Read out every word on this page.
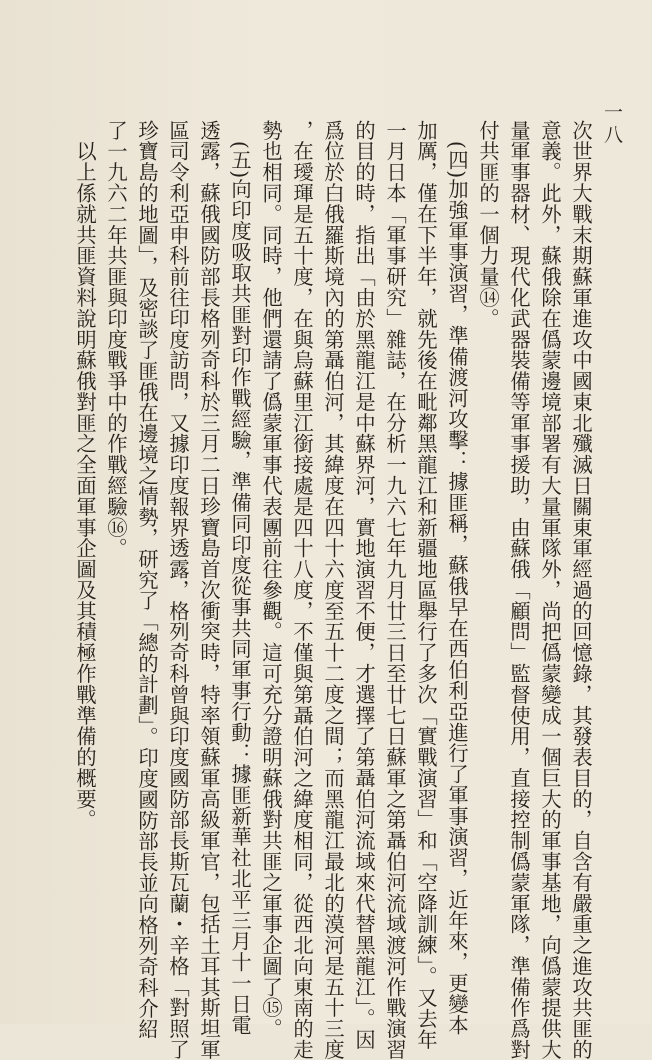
一八

次世界大戰末期蘇軍進攻中國東北殲滅日關東軍經過的回憶錄，其發表目的，自含有嚴重之進攻共匪的

意義。此外，蘇俄除在僞蒙邊境部署有大量軍隊外，尚把僞蒙變成一個巨大的軍事基地，向僞蒙提供大

量軍事器材、現代化武器裝備等軍事援助，由蘇俄「顧問」監督使用，直接控制僞蒙軍隊，準備作爲對

付共匪的一個力量⑭。

　(四)加強軍事演習，準備渡河攻擊：據匪稱，蘇俄早在西伯利亞進行了軍事演習，近年來，更變本

加厲，僅在下半年，就先後在毗鄰黑龍江和新疆地區舉行了多次「實戰演習」和「空降訓練」。又去年

一月日本「軍事研究」雜誌，在分析一九六七年九月廿三日至廿七日蘇軍之第聶伯河流域渡河作戰演習

的目的時，指出「由於黑龍江是中蘇界河，實地演習不便，才選擇了第聶伯河流域來代替黑龍江」。因

爲位於白俄羅斯境內的第聶伯河，其緯度在四十六度至五十二度之間；而黑龍江最北的漠河是五十三度

，在璦琿是五十度，在與烏蘇里江銜接處是四十八度，不僅與第聶伯河之緯度相同，從西北向東南的走

勢也相同。同時，他們還請了僞蒙軍事代表團前往參觀。這可充分證明蘇俄對共匪之軍事企圖了⑮。

　(五)向印度吸取共匪對印作戰經驗，準備同印度從事共同軍事行動：據匪新華社北平三月十一日電

透露，蘇俄國防部長格列奇科於三月二日珍寶島首次衝突時，特率領蘇軍高級軍官，包括土耳其斯坦軍

區司令利亞申科前往印度訪問，又據印度報界透露，格列奇科曾與印度國防部長斯瓦蘭・辛格「對照了

珍寶島的地圖」，及密談了匪俄在邊境之情勢，研究了「總的計劃」。印度國防部長並向格列奇科介紹

了一九六二年共匪與印度戰爭中的作戰經驗⑯。

　以上係就共匪資料說明蘇俄對匪之全面軍事企圖及其積極作戰準備的概要。
